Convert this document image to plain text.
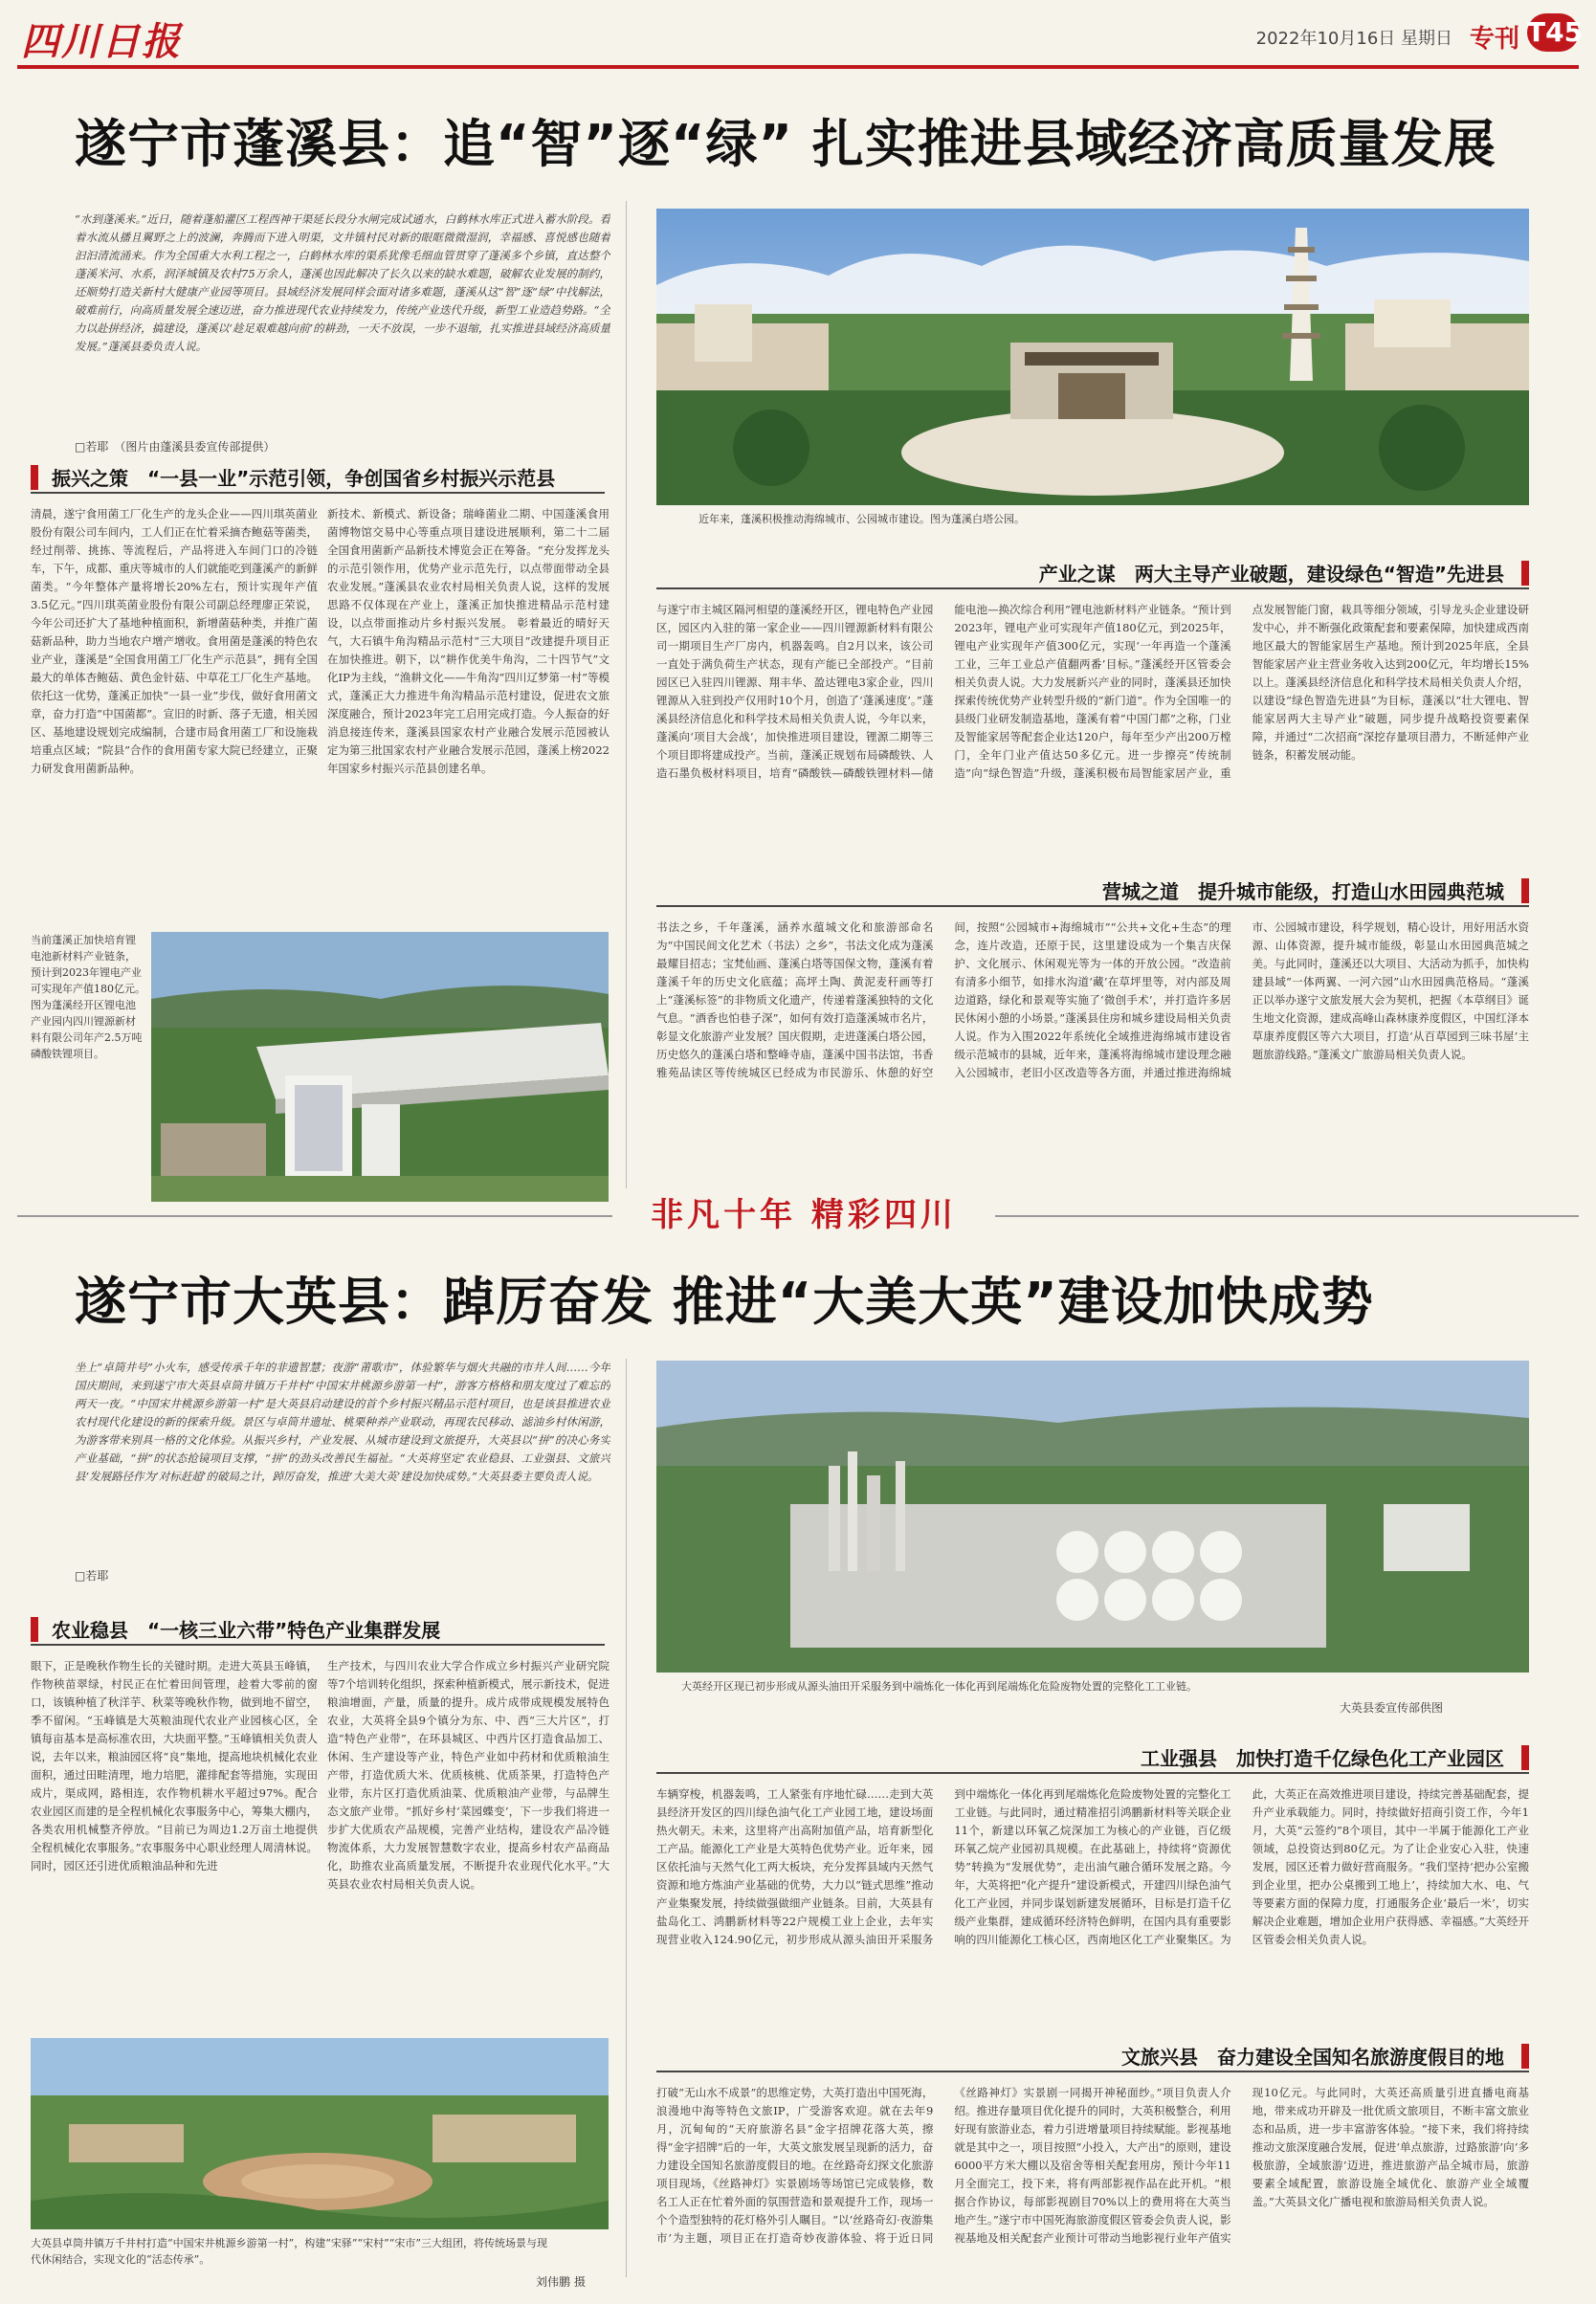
四川日报	2022年10月16日 星期日 专刊 T45
遂宁市蓬溪县：追“智”逐“绿” 扎实推进县域经济高质量发展
“水到蓬溪来。”近日，随着蓬船灌区工程西神干渠延长段分水闸完成试通水，白鹤林水库正式进入蓄水阶段。看着水流从播且翼野之上的波澜，奔腾而下进入明渠，文井镇村民对新的眼眶微微湿润，幸福感、喜悦感也随着汩汩清流涌来。作为全国重大水利工程之一，白鹤林水库的渠系犹像毛细血管贯穿了蓬溪多个乡镇，直达整个蓬溪米河、水系，润泽城镇及农村75万余人，蓬溪也因此解决了长久以来的缺水难题，破解农业发展的制约，还顺势打造关新村大健康产业园等项目。县域经济发展同样会面对诸多难题，蓬溪从这“智”逐“绿”中找解法，破难前行，向高质量发展全速迈进，奋力推进现代农业持续发力，传统产业迭代升级，新型工业造趋势路。“全力以赴拼经济，搞建设，蓬溪以‘趁足艰难越向前’的耕劲，一天不放误，一步不退缩，扎实推进县域经济高质量发展。”蓬溪县委负责人说。
□若耶　（图片由蓬溪县委宣传部提供）
近年来，蓬溪积极推动海绵城市、公园城市建设。图为蓬溪白塔公园。
振兴之策　“一县一业”示范引领，争创国省乡村振兴示范县
清晨，遂宁食用菌工厂化生产的龙头企业——四川琪英菌业股份有限公司车间内，工人们正在忙着采摘杏鲍菇等菌类，经过削蒂、挑拣、等流程后，产品将进入车间门口的冷链车，下午，成都、重庆等城市的人们就能吃到蓬溪产的新鲜菌类。“今年整体产量将增长20%左右，预计实现年产值3.5亿元。”四川琪英菌业股份有限公司副总经理廖正荣说，今年公司还扩大了基地种植面积，新增菌菇种类，并推广菌菇新品种，助力当地农户增产增收。食用菌是蓬溪的特色农业产业，蓬溪是“全国食用菌工厂化生产示范县”，拥有全国最大的单体杏鲍菇、黄色金针菇、中草花工厂化生产基地。依托这一优势，蓬溪正加快“一县一业”步伐，做好食用菌文章，奋力打造“中国菌都”。宣旧的时新、落子无遗，相关园区、基地建设规划完成编制，合建市局食用菌工厂和设施栽培重点区域；“院县”合作的食用菌专家大院已经建立，正聚力研发食用菌新品种。
新技术、新模式、新设备；瑞峰菌业二期、中国蓬溪食用菌博物馆交易中心等重点项目建设进展顺利，第二十二届全国食用菌新产品新技术博览会正在筹备。“充分发挥龙头的示范引领作用，优势产业示范先行，以点带面带动全县农业发展。”蓬溪县农业农村局相关负责人说，这样的发展思路不仅体现在产业上，蓬溪正加快推进精品示范村建设，以点带面推动片乡村振兴发展。 彰着最近的晴好天气，大石镇牛角沟精品示范村“三大项目”改建提升项目正在加快推进。朝下，以“耕作优美牛角沟，二十四节气”文化IP为主线，“渔耕文化——牛角沟“四川辽梦第一村”等模式，蓬溪正大力推进牛角沟精品示范村建设，促进农文旅深度融合，预计2023年完工启用完成打造。今人振奋的好消息接连传来，蓬溪县国家农村产业融合发展示范园被认定为第三批国家农村产业融合发展示范园，蓬溪上榜2022年国家乡村振兴示范县创建名单。
当前蓬溪正加快培育锂电池新材料产业链条，预计到2023年锂电产业可实现年产值180亿元。图为蓬溪经开区锂电池产业园内四川锂源新材料有限公司年产2.5万吨磷酸铁锂项目。
产业之谋　两大主导产业破题，建设绿色“智造”先进县
与遂宁市主城区隔河相望的蓬溪经开区，锂电特色产业园区，园区内入驻的第一家企业——四川锂源新材料有限公司一期项目生产厂房内，机器轰鸣。自2月以来，该公司一直处于满负荷生产状态，现有产能已全部投产。“目前园区已入驻四川锂源、翔丰华、盈达锂电3家企业，四川锂源从入驻到投产仅用时10个月，创造了‘蓬溪速度’。”蓬溪县经济信息化和科学技术局相关负责人说，今年以来，蓬溪向‘项目大会战’，加快推进项目建设，锂源二期等三个项目即将建成投产。当前，蓬溪正规划布局磷酸铁、人造石墨负极材料项目，培育“磷酸铁—磷酸铁锂材料—储能电池—换次综合利用”锂电池新材料产业链条。“预计到2023年，锂电产业可实现年产值180亿元，到2025年，锂电产业实现年产值300亿元，实现‘一年再造一个蓬溪工业，三年工业总产值翻两番’目标。”蓬溪经开区管委会相关负责人说。大力发展新兴产业的同时，蓬溪县还加快探索传统优势产业转型升级的“新门道”。作为全国唯一的县级门业研发制造基地，蓬溪有着“中国门都”之称，门业及智能家居等配套企业达120户，每年至少产出200万樘门，全年门业产值达50多亿元。进一步擦亮“传统制造”向“绿色智造”升级，蓬溪积极布局智能家居产业，重点发展智能门窗，栽具等细分领域，引导龙头企业建设研发中心，并不断强化政策配套和要素保障，加快建成西南地区最大的智能家居生产基地。预计到2025年底，全县智能家居产业主营业务收入达到200亿元，年均增长15%以上。蓬溪县经济信息化和科学技术局相关负责人介绍，以建设“绿色智造先进县”为目标，蓬溪以“壮大锂电、智能家居两大主导产业”破题，同步提升战略投资要素保障，并通过“二次招商”深挖存量项目潜力，不断延伸产业链条，积蓄发展动能。
营城之道　提升城市能级，打造山水田园典范城
书法之乡，千年蓬溪，涵养水蕴城文化和旅游部命名为“中国民间文化艺术（书法）之乡”，书法文化成为蓬溪最耀目招志；宝梵仙画、蓬溪白塔等国保文物，蓬溪有着蓬溪千年的历史文化底蕴；高坪土陶、黄泥麦秆画等打上“蓬溪标签”的非物质文化遗产，传递着蓬溪独特的文化气息。“酒香也怕巷子深”，如何有效打造蓬溪城市名片，彰显文化旅游产业发展？国庆假期，走进蓬溪白塔公园，历史悠久的蓬溪白塔和整峰寺庙，蓬溪中国书法馆，书香雅苑品读区等传统城区已经成为市民游乐、休憩的好空间，按照“公园城市+海绵城市”“公共+文化+生态”的理念，连片改造，还原于民，这里建设成为一个集吉庆保护、文化展示、休闲观光等为一体的开放公园。“改造前有清多小细节，如排水沟道‘藏’在草坪里等，对内部及周边道路，绿化和景观等实施了‘微创手术’，并打造许多居民休闲小憩的小场景。”蓬溪县住房和城乡建设局相关负责人说。作为入围2022年系统化全域推进海绵城市建设省级示范城市的县城，近年来，蓬溪将海绵城市建设理念融入公园城市，老旧小区改造等各方面，并通过推进海绵城市、公园城市建设，科学规划，精心设计，用好用活水资源、山体资源，提升城市能级，彰显山水田园典范城之美。与此同时，蓬溪还以大项目、大活动为抓手，加快构建县域“一体两翼、一河六园”山水田园典范格局。“蓬溪正以举办遂宁文旅发展大会为契机，把握《本草纲目》诞生地文化资源，建成高峰山森林康养度假区，中国红泽本草康养度假区等六大项目，打造‘从百草园到三味书屋’主题旅游线路。”蓬溪文广旅游局相关负责人说。
非凡十年 精彩四川
遂宁市大英县：踔厉奋发 推进“大美大英”建设加快成势
坐上“卓筒井号”小火车，感受传承千年的非遗智慧；夜游“莆歌市”，体验繁华与烟火共融的市井人间……今年国庆期间，来到遂宁市大英县卓筒井镇万千井村“中国宋井桃源乡游第一村”，游客方格格和朋友度过了难忘的两天一夜。“中国宋井桃源乡游第一村”是大英县启动建设的首个乡村振兴精品示范村项目，也是该县推进农业农村现代化建设的新的探索升级。景区与卓筒井遗址、桃栗种养产业联动，再现农民移动、滤油乡村休闲游，为游客带来别具一格的文化体验。从振兴乡村，产业发展、从城市建设到文旅提升，大英县以“拼”的决心务实产业基础，“拼”的状态抢镜项目支撑，“拼”的劲头改善民生福祉。“大英将坚定‘农业稳县、工业强县、文旅兴县’发展路径作为‘对标赶超’的破局之计，踔厉奋发，推进‘大美大英’建设加快成势。”大英县委主要负责人说。
□若耶
大英经开区现已初步形成从源头油田开采服务到中端炼化一体化再到尾端炼化危险废物处置的完整化工工业链。
大英县委宣传部供图
农业稳县　“一核三业六带”特色产业集群发展
眼下，正是晚秋作物生长的关键时期。走进大英县玉峰镇，作物秧苗翠绿，村民正在忙着田间管理，趁着大零前的窗口，该镇种植了秋洋芋、秋菜等晚秋作物，做到地不留空，季不留闲。“玉峰镇是大英粮油现代农业产业园核心区，全镇每亩基本是高标准农田，大块面平整。”玉峰镇相关负责人说，去年以来，粮油园区将“良”集地，提高地块机械化农业面积，通过田畦清理，地力培肥，灌排配套等措施，实现田成片，渠成网，路相连，农作物机耕水平超过97%。配合农业园区而建的是全程机械化农事服务中心，筹集大棚内，各类农用机械整齐停放。“目前已为周边1.2万亩土地提供全程机械化农事服务。”农事服务中心职业经理人周清林说。同时，园区还引进优质粮油品种和先进
生产技术，与四川农业大学合作成立乡村振兴产业研究院等7个培训转化组织，探索种植新模式，展示新技术，促进粮油增面，产量，质量的提升。成片成带成规模发展特色农业，大英将全县9个镇分为东、中、西“三大片区”，打造“特色产业带”，在环县城区、中西片区打造食品加工、休闲、生产建设等产业，特色产业如中药材和优质粮油生产带，打造优质大米、优质核桃、优质茶果，打造特色产业带，东片区打造优质油菜、优质粮油产业带，与品牌生态文旅产业带。“抓好乡村‘菜园蝶变’，下一步我们将进一步扩大优质农产品规模，完善产业结构，建设农产品冷链物流体系，大力发展智慧数字农业，提高乡村农产品商品化，助推农业高质量发展，不断提升农业现代化水平。”大英县农业农村局相关负责人说。
大英县卓筒井镇万千井村打造“中国宋井桃源乡游第一村”，构建“宋驿”“宋村”“宋市”三大组团，将传统场景与现代休闲结合，实现文化的“活态传承”。
刘伟鹏 摄
工业强县　加快打造千亿绿色化工产业园区
车辆穿梭，机器轰鸣，工人紧张有序地忙碌……走到大英县经济开发区的四川绿色油气化工产业园工地，建设场面热火朝天。未来，这里将产出高附加值产品，培育新型化工产品。能源化工产业是大英特色优势产业。近年来，园区依托油与天然气化工两大板块，充分发挥县域内天然气资源和地方炼油产业基础的优势，大力以“链式思维”推动产业集聚发展，持续做强做细产业链条。目前，大英县有盐岛化工、鸿鹏新材料等22户规模工业上企业，去年实现营业收入124.90亿元，初步形成从源头油田开采服务到中端炼化一体化再到尾端炼化危险废物处置的完整化工工业链。与此同时，通过精准招引鸿鹏新材料等关联企业11个，新建以环氧乙烷深加工为核心的产业链，百亿级环氧乙烷产业园初具规模。在此基础上，持续将“资源优势”转换为“发展优势”，走出油气融合循环发展之路。今年，大英将把“化产提升”建设新模式，开建四川绿色油气化工产业园，并同步谋划新建发展循环，目标是打造千亿级产业集群，建成循环经济特色鲜明，在国内具有重要影响的四川能源化工核心区，西南地区化工产业聚集区。为此，大英正在高效推进项目建设，持续完善基础配套，提升产业承载能力。同时，持续做好招商引资工作，今年1月，大英“云签约”8个项目，其中一半属于能源化工产业领域，总投资达到80亿元。为了让企业安心入驻，快速发展，园区还着力做好营商服务。“我们坚持‘把办公室搬到企业里，把办公桌搬到工地上’，持续加大水、电、气等要素方面的保障力度，打通服务企业‘最后一米’，切实解决企业难题，增加企业用户获得感、幸福感。”大英经开区管委会相关负责人说。
文旅兴县　奋力建设全国知名旅游度假目的地
打破“无山水不成景”的思维定势，大英打造出中国死海，浪漫地中海等特色文旅IP，广受游客欢迎。就在去年9月，沉甸甸的“天府旅游名县”金字招牌花落大英，擦得“金字招牌”后的一年，大英文旅发展呈现新的活力，奋力建设全国知名旅游度假目的地。在丝路奇幻探文化旅游项目现场，《丝路神灯》实景剧场等场馆已完成装修，数名工人正在忙着外面的氛围营造和景观提升工作，现场一个个造型独特的花灯格外引人瞩目。“以‘丝路奇幻·夜游集市’为主题，项目正在打造奇妙夜游体验、将于近日同《丝路神灯》实景剧一同揭开神秘面纱。”项目负责人介绍。推进存量项目优化提升的同时，大英积极整合，利用好现有旅游业态，着力引进增量项目持续赋能。影视基地就是其中之一，项目按照“小投入，大产出”的原则，建设6000平方米大棚以及宿舍等相关配套用房，预计今年11月全面完工，投下来，将有两部影视作品在此开机。“根据合作协议，每部影视剧目70%以上的费用将在大英当地产生。”遂宁市中国死海旅游度假区管委会负责人说，影视基地及相关配套产业预计可带动当地影视行业年产值实现10亿元。与此同时，大英还高质量引进直播电商基地，带来成功开辟及一批优质文旅项目，不断丰富文旅业态和品质，进一步丰富游客体验。“接下来，我们将持续推动文旅深度融合发展，促进‘单点旅游，过路旅游’向‘多极旅游，全域旅游’迈进，推进旅游产品全城市局，旅游要素全域配置，旅游设施全域优化、旅游产业全域覆盖。”大英县文化广播电视和旅游局相关负责人说。
